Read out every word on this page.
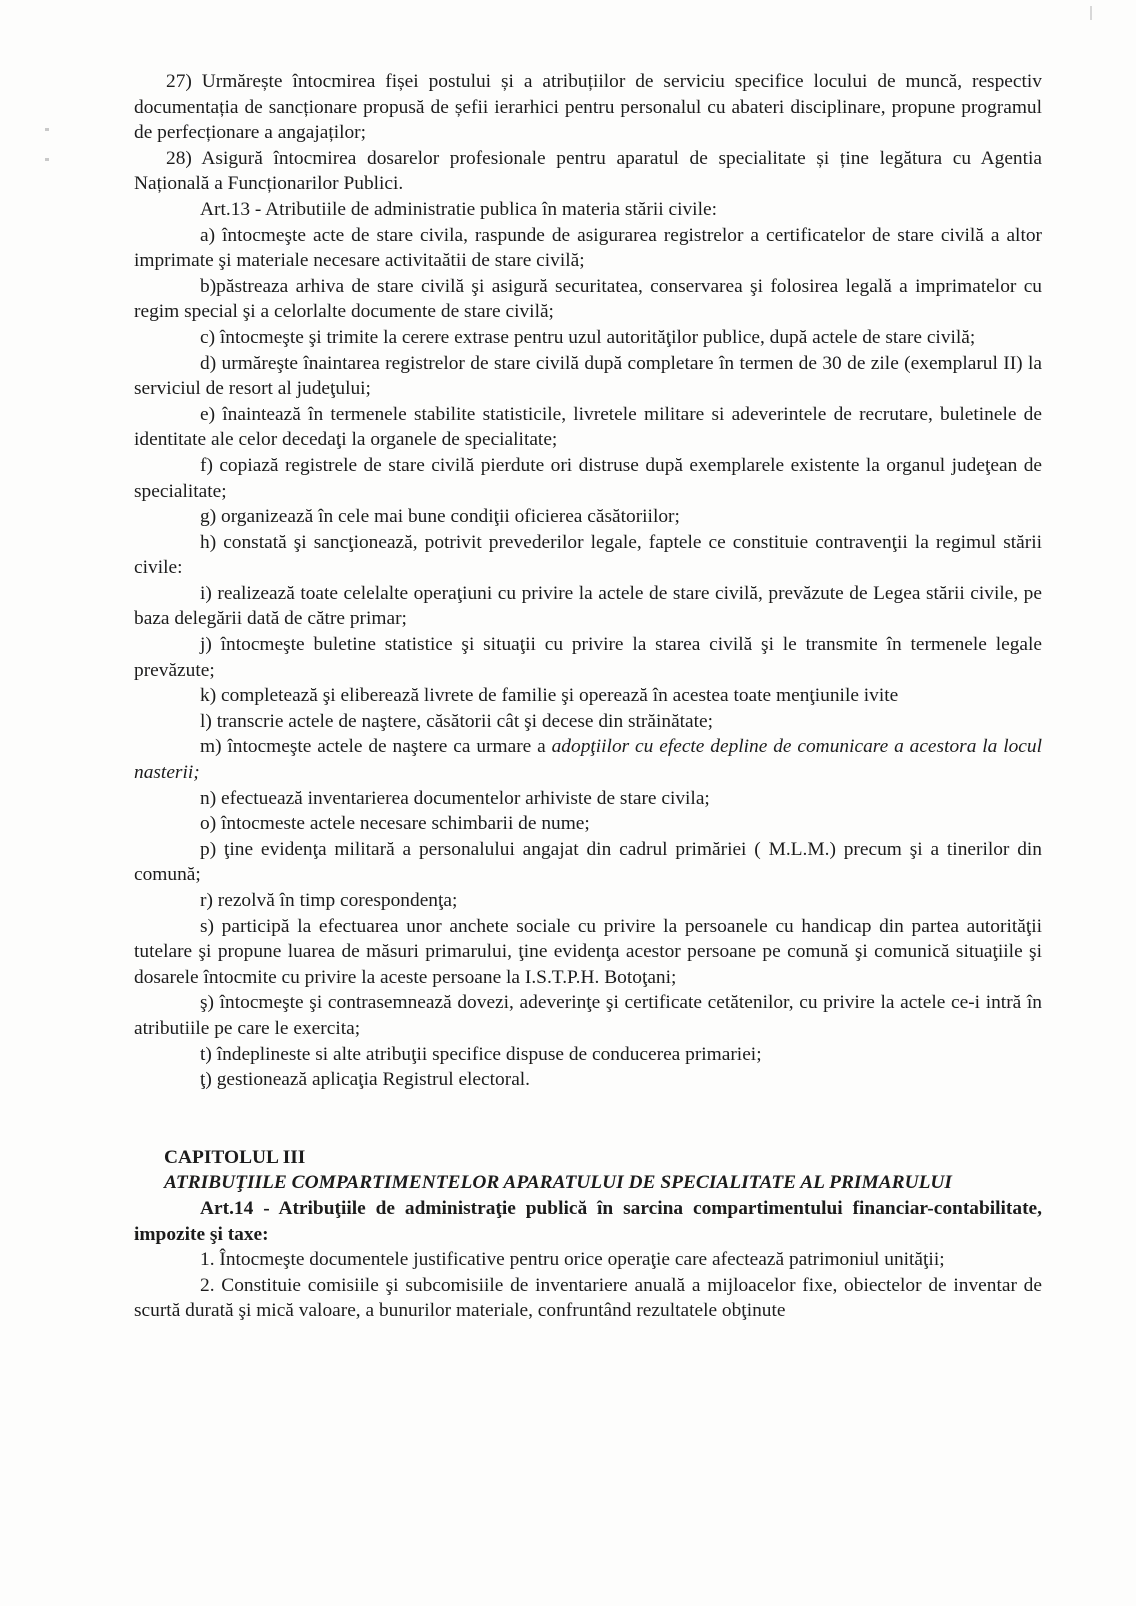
27) Urmărește întocmirea fișei postului și a atribuțiilor de serviciu specifice locului de muncă, respectiv documentația de sancționare propusă de șefii ierarhici pentru personalul cu abateri disciplinare, propune programul de perfecționare a angajaților;

28) Asigură întocmirea dosarelor profesionale pentru aparatul de specialitate și ține legătura cu Agentia Națională a Funcționarilor Publici.

Art.13 - Atributiile de administratie publica în materia stării civile:

a) întocmeşte acte de stare civila, raspunde de asigurarea registrelor a certificatelor de stare civilă a altor imprimate şi materiale necesare activitaătii de stare civilă;

b)păstreaza arhiva de stare civilă şi asigură securitatea, conservarea şi folosirea legală a imprimatelor cu regim special şi a celorlalte documente de stare civilă;

c) întocmeşte şi trimite la cerere extrase pentru uzul autorităţilor publice, după actele de stare civilă;

d) urmăreşte înaintarea registrelor de stare civilă după completare în termen de 30 de zile (exemplarul II) la serviciul de resort al judeţului;

e) înaintează în termenele stabilite statisticile, livretele militare si adeverintele de recrutare, buletinele de identitate ale celor decedaţi la organele de specialitate;

f) copiază registrele de stare civilă pierdute ori distruse după exemplarele existente la organul judeţean de specialitate;

g) organizează în cele mai bune condiţii oficierea căsătoriilor;

h) constată şi sancţionează, potrivit prevederilor legale, faptele ce constituie contravenţii la regimul stării civile:

i) realizează toate celelalte operaţiuni cu privire la actele de stare civilă, prevăzute de Legea stării civile, pe baza delegării dată de către primar;

j) întocmeşte buletine statistice şi situaţii cu privire la starea civilă şi le transmite în termenele legale prevăzute;

k) completează şi eliberează livrete de familie şi operează în acestea toate menţiunile ivite

l) transcrie actele de naştere, căsătorii cât şi decese din străinătate;

m) întocmeşte actele de naştere ca urmare a adopţiilor cu efecte depline de comunicare a acestora la locul nasterii;

n) efectuează inventarierea documentelor arhiviste de stare civila;

o) întocmeste actele necesare schimbarii de nume;

p) ţine evidenţa militară a personalului angajat din cadrul primăriei ( M.L.M.) precum şi a tinerilor din comună;

r) rezolvă în timp corespondenţa;

s) participă la efectuarea unor anchete sociale cu privire la persoanele cu handicap din partea autorităţii tutelare şi propune luarea de măsuri primarului, ţine evidenţa acestor persoane pe comună şi comunică situaţiile şi dosarele întocmite cu privire la aceste persoane la I.S.T.P.H. Botoţani;

ş) întocmeşte şi contrasemnează dovezi, adeverinţe şi certificate cetătenilor, cu privire la actele ce-i intră în atributiile pe care le exercita;

t) îndeplineste si alte atribuţii specifice dispuse de conducerea primariei;

ţ) gestionează aplicaţia Registrul electoral.

CAPITOLUL III

ATRIBUŢIILE COMPARTIMENTELOR APARATULUI DE SPECIALITATE AL PRIMARULUI

Art.14 - Atribuţiile de administraţie publică în sarcina compartimentului financiar-contabilitate, impozite şi taxe:

1. Întocmeşte documentele justificative pentru orice operaţie care afectează patrimoniul unităţii;

2. Constituie comisiile şi subcomisiile de inventariere anuală a mijloacelor fixe, obiectelor de inventar de scurtă durată şi mică valoare, a bunurilor materiale, confruntând rezultatele obţinute
